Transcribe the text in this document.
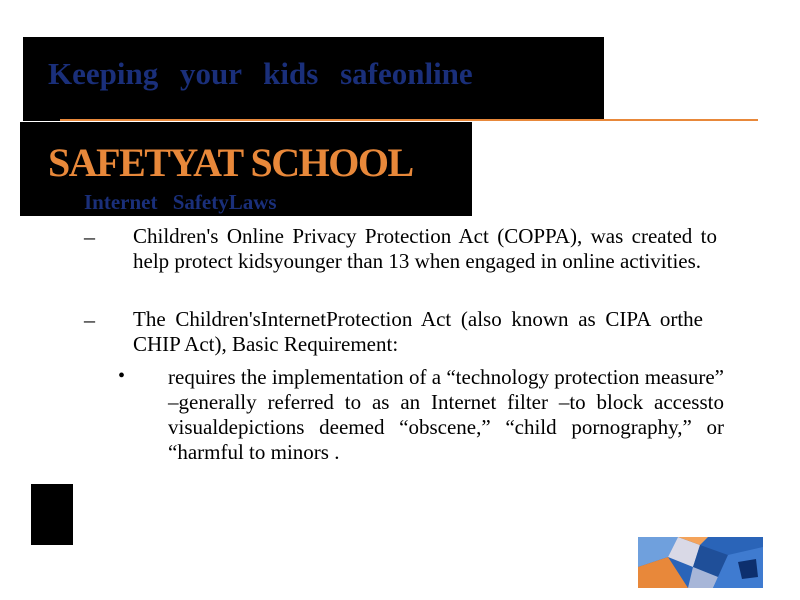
Keeping your kids safeonline
SAFETYAT SCHOOL
Internet SafetyLaws
– Children's Online Privacy Protection Act (COPPA), was created to help protect kidsyounger than 13 when engaged in online activities.

– The Children'sInternetProtection Act (also known as CIPA orthe CHIP Act), Basic Requirement:

• requires the implementation of a “technology protection measure” –generally referred to as an Internet filter –to block accessto visualdepictions deemed “obscene,” “child pornography,” or “harmful to minors .
